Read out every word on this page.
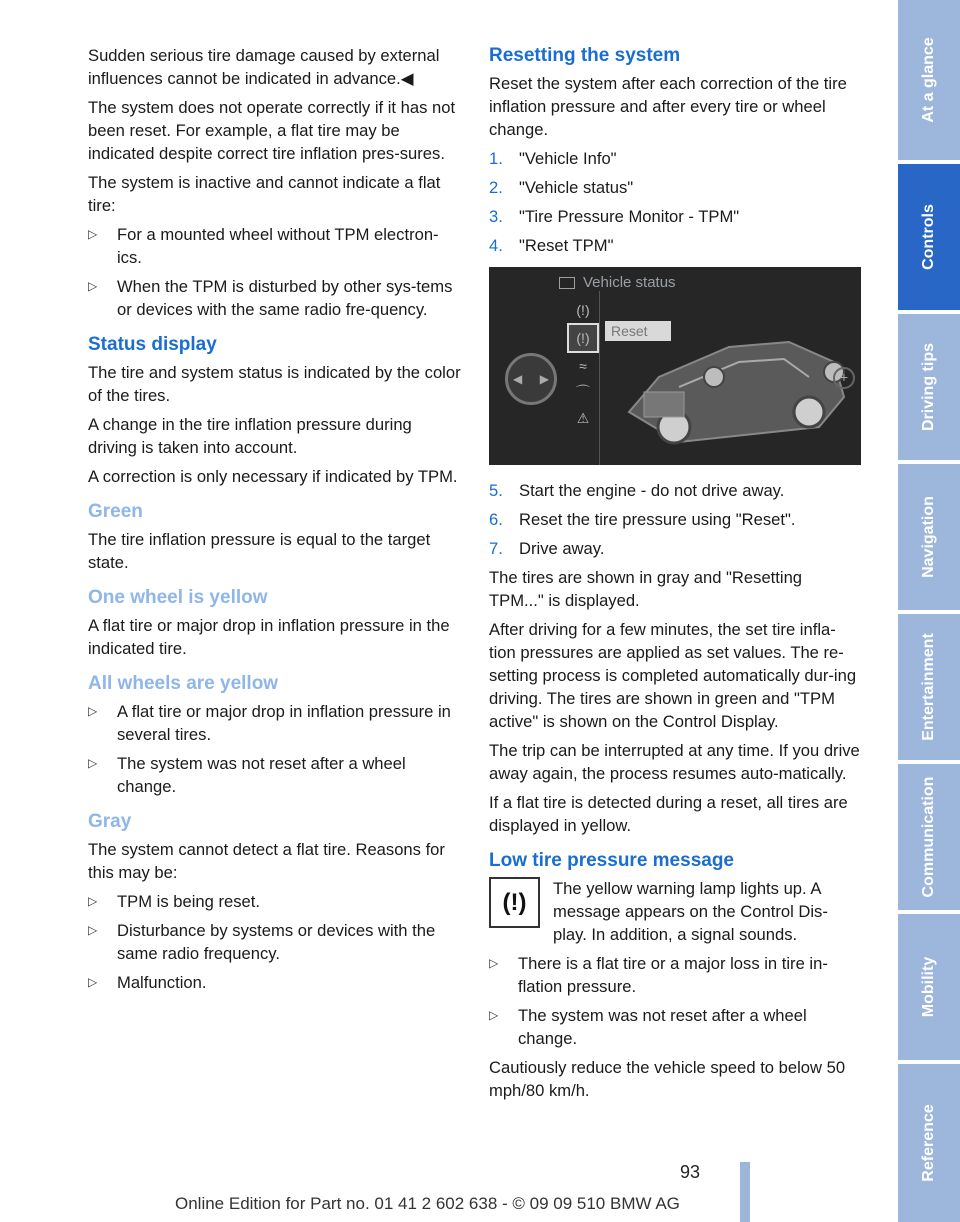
Sudden serious tire damage caused by external influences cannot be indicated in advance.◀

The system does not operate correctly if it has not been reset. For example, a flat tire may be indicated despite correct tire inflation pres-sures.

The system is inactive and cannot indicate a flat tire:

▷	For a mounted wheel without TPM electron-ics.
▷	When the TPM is disturbed by other sys-tems or devices with the same radio fre-quency.
Status display

The tire and system status is indicated by the color of the tires.

A change in the tire inflation pressure during driving is taken into account.

A correction is only necessary if indicated by TPM.

Green

The tire inflation pressure is equal to the target state.

One wheel is yellow

A flat tire or major drop in inflation pressure in the indicated tire.

All wheels are yellow
▷	A flat tire or major drop in inflation pressure in several tires.
▷	The system was not reset after a wheel change.
Gray

The system cannot detect a flat tire. Reasons for this may be:

▷	TPM is being reset.
▷	Disturbance by systems or devices with the same radio frequency.
▷	Malfunction.
Resetting the system

Reset the system after each correction of the tire inflation pressure and after every tire or wheel change.

1. "Vehicle Info"
2. "Vehicle status"
3. "Tire Pressure Monitor - TPM"
4. "Reset TPM"
Vehicle status
◀ ▶
(!)
(!)
≈
⌒
⚠
Reset
+
5. Start the engine - do not drive away.
6. Reset the tire pressure using "Reset".
7. Drive away.

The tires are shown in gray and "Resetting TPM..." is displayed.

After driving for a few minutes, the set tire infla-tion pressures are applied as set values. The re-setting process is completed automatically dur-ing driving. The tires are shown in green and "TPM active" is shown on the Control Display.

The trip can be interrupted at any time. If you drive away again, the process resumes auto-matically.

If a flat tire is detected during a reset, all tires are displayed in yellow.

Low tire pressure message
(!)
The yellow warning lamp lights up. A message appears on the Control Dis-play. In addition, a signal sounds.
▷	There is a flat tire or a major loss in tire in-flation pressure.
▷	The system was not reset after a wheel change.

Cautiously reduce the vehicle speed to below 50 mph/80 km/h.

At a glance
Controls
Driving tips
Navigation
Entertainment
Communication
Mobility
Reference
93
Online Edition for Part no. 01 41 2 602 638 - © 09 09 510 BMW AG
